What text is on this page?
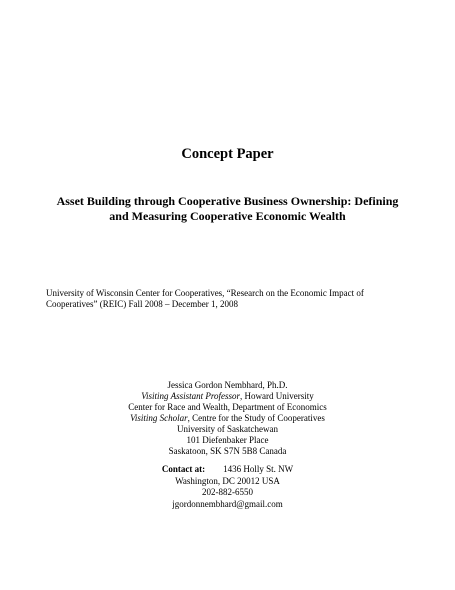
Concept Paper
Asset Building through Cooperative Business Ownership: Defining
and Measuring Cooperative Economic Wealth
University of Wisconsin Center for Cooperatives, “Research on the Economic Impact of
Cooperatives” (REIC) Fall 2008 – December 1, 2008
Jessica Gordon Nembhard, Ph.D.
Visiting Assistant Professor, Howard University
Center for Race and Wealth, Department of Economics
Visiting Scholar, Centre for the Study of Cooperatives
University of Saskatchewan
101 Diefenbaker Place
Saskatoon, SK S7N 5B8 Canada
Contact at: 1436 Holly St. NW
Washington, DC 20012 USA
202-882-6550
jgordonnembhard@gmail.com
